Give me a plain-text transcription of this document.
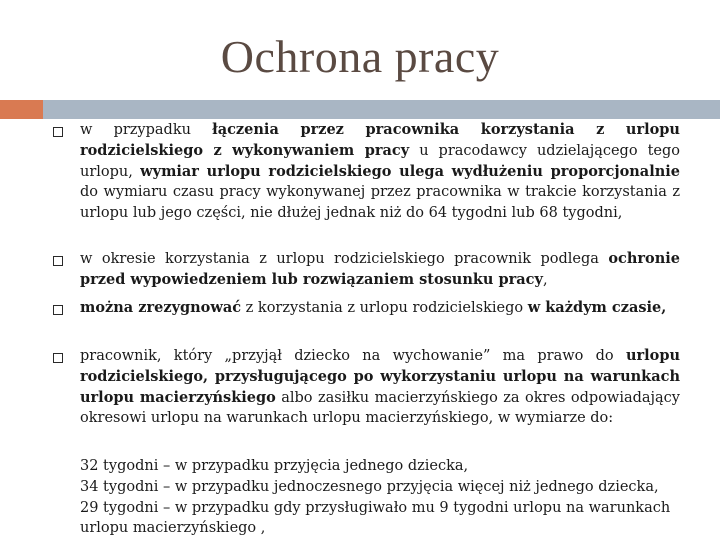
Ochrona pracy
w przypadku łączenia przez pracownika korzystania z urlopu rodzicielskiego z wykonywaniem pracy u pracodawcy udzielającego tego urlopu, wymiar urlopu rodzicielskiego ulega wydłużeniu proporcjonalnie do wymiaru czasu pracy wykonywanej przez pracownika w trakcie korzystania z urlopu lub jego części, nie dłużej jednak niż do 64 tygodni lub 68 tygodni,
w okresie korzystania z urlopu rodzicielskiego pracownik podlega ochronie przed wypowiedzeniem lub rozwiązaniem stosunku pracy,
można zrezygnować z korzystania z urlopu rodzicielskiego w każdym czasie,
pracownik, który „przyjął dziecko na wychowanie” ma prawo do urlopu rodzicielskiego, przysługującego po wykorzystaniu urlopu na warunkach urlopu macierzyńskiego albo zasiłku macierzyńskiego za okres odpowiadający okresowi urlopu na warunkach urlopu macierzyńskiego, w wymiarze do:
32 tygodni – w przypadku przyjęcia jednego dziecka,
34 tygodni – w przypadku jednoczesnego przyjęcia więcej niż jednego dziecka,
29 tygodni – w przypadku gdy przysługiwało mu 9 tygodni urlopu na warunkach urlopu macierzyńskiego ,
